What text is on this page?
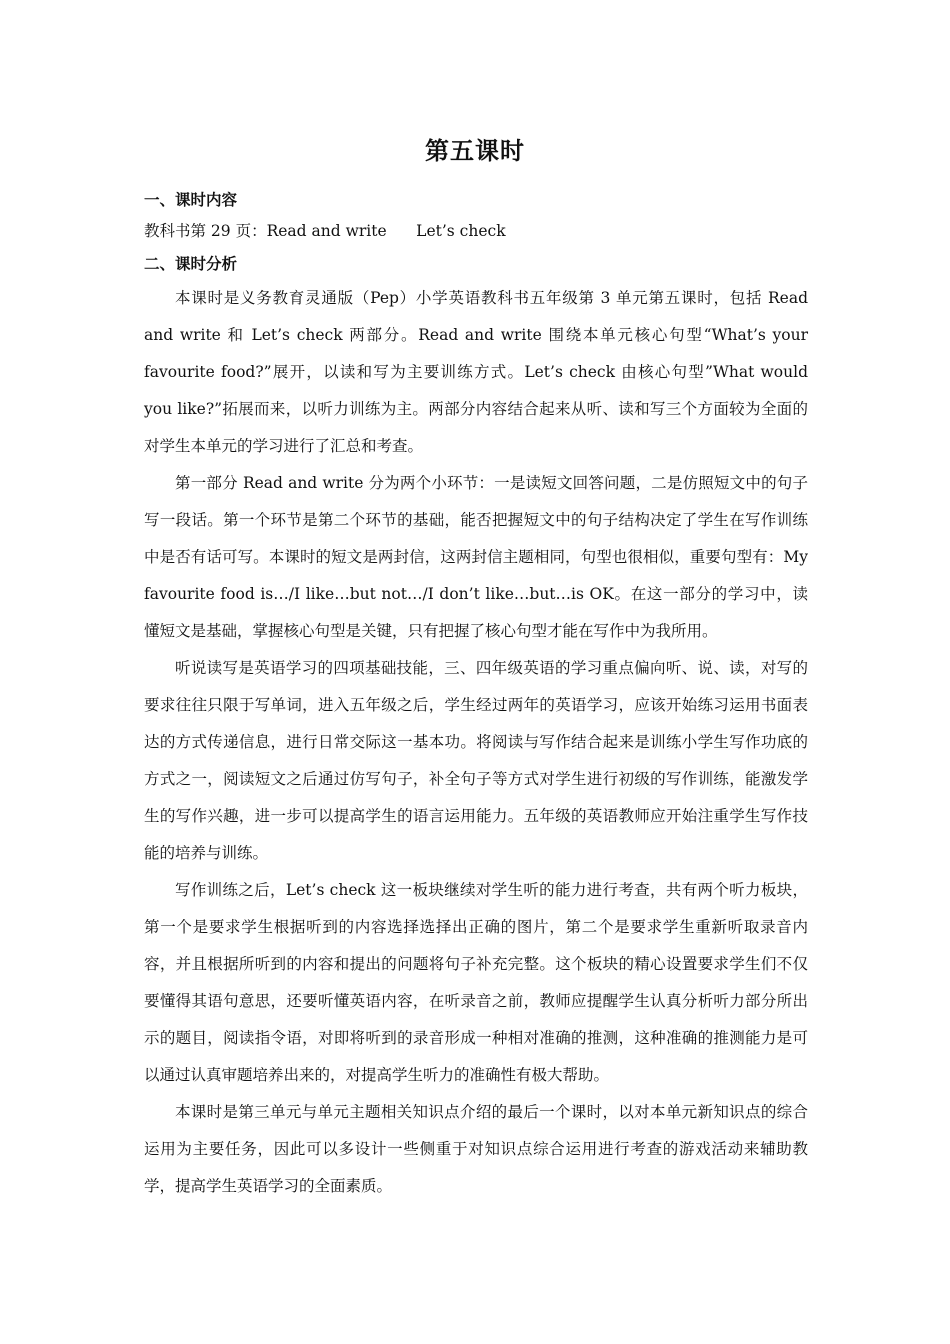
第五课时

一、课时内容

教科书第 29 页：Read and write      Let’s check

二、课时分析

本课时是义务教育灵通版（Pep）小学英语教科书五年级第 3 单元第五课时，包括 Read and write 和 Let’s check 两部分。Read and write 围绕本单元核心句型“What’s your favourite food?”展开，以读和写为主要训练方式。Let’s check 由核心句型”What would you like?”拓展而来，以听力训练为主。两部分内容结合起来从听、读和写三个方面较为全面的对学生本单元的学习进行了汇总和考查。

第一部分 Read and write 分为两个小环节：一是读短文回答问题，二是仿照短文中的句子写一段话。第一个环节是第二个环节的基础，能否把握短文中的句子结构决定了学生在写作训练中是否有话可写。本课时的短文是两封信，这两封信主题相同，句型也很相似，重要句型有：My favourite food is…/I like…but not…/I don’t like…but…is OK。在这一部分的学习中，读懂短文是基础，掌握核心句型是关键，只有把握了核心句型才能在写作中为我所用。

听说读写是英语学习的四项基础技能，三、四年级英语的学习重点偏向听、说、读，对写的要求往往只限于写单词，进入五年级之后，学生经过两年的英语学习，应该开始练习运用书面表达的方式传递信息，进行日常交际这一基本功。将阅读与写作结合起来是训练小学生写作功底的方式之一，阅读短文之后通过仿写句子，补全句子等方式对学生进行初级的写作训练，能激发学生的写作兴趣，进一步可以提高学生的语言运用能力。五年级的英语教师应开始注重学生写作技能的培养与训练。

写作训练之后，Let’s check 这一板块继续对学生听的能力进行考查，共有两个听力板块，第一个是要求学生根据听到的内容选择选择出正确的图片，第二个是要求学生重新听取录音内容，并且根据所听到的内容和提出的问题将句子补充完整。这个板块的精心设置要求学生们不仅要懂得其语句意思，还要听懂英语内容，在听录音之前，教师应提醒学生认真分析听力部分所出示的题目，阅读指令语，对即将听到的录音形成一种相对准确的推测，这种准确的推测能力是可以通过认真审题培养出来的，对提高学生听力的准确性有极大帮助。

本课时是第三单元与单元主题相关知识点介绍的最后一个课时，以对本单元新知识点的综合运用为主要任务，因此可以多设计一些侧重于对知识点综合运用进行考查的游戏活动来辅助教学，提高学生英语学习的全面素质。
